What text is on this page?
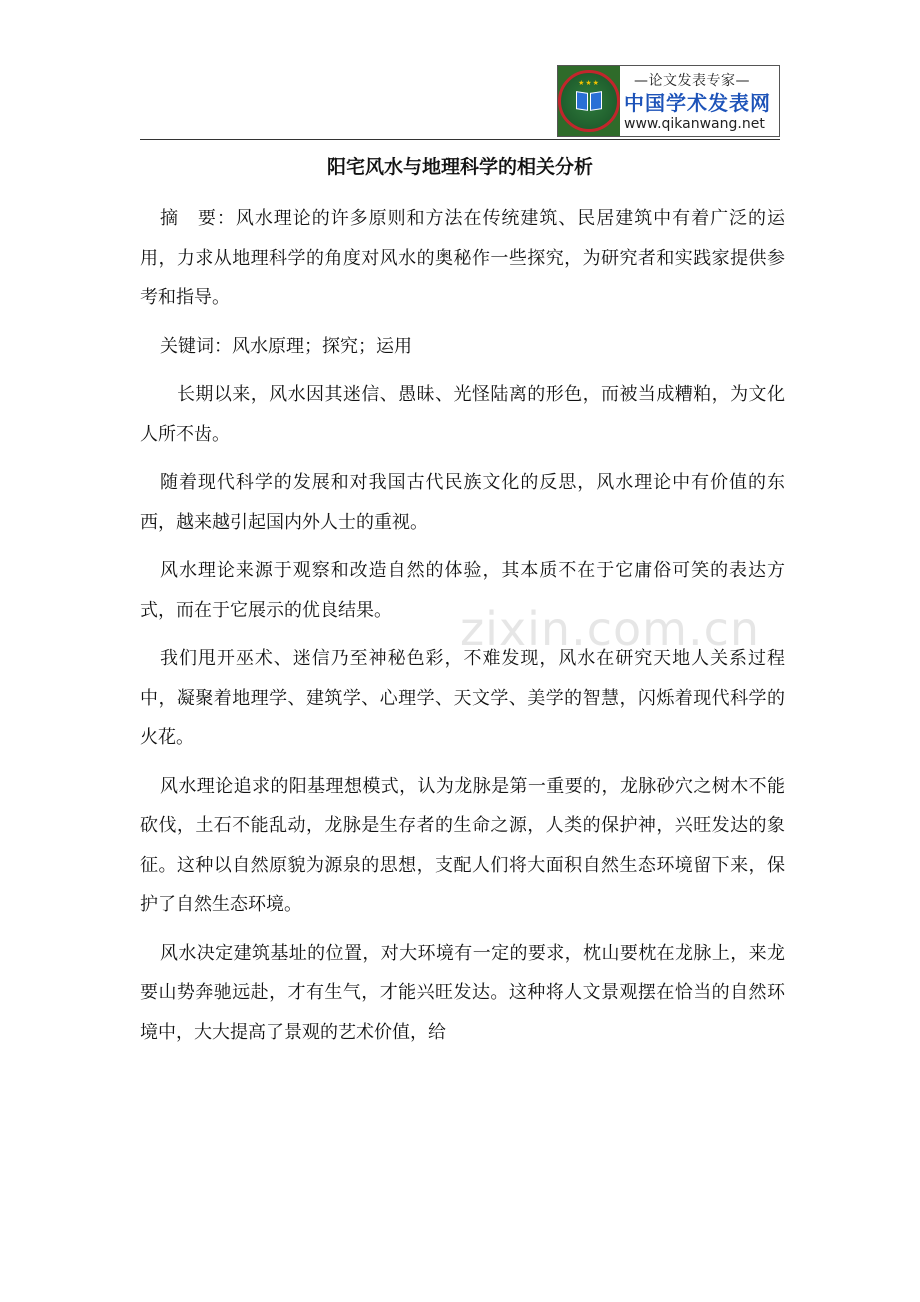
★★★	—论文发表专家—
中国学术发表网
www.qikanwang.net
阳宅风水与地理科学的相关分析

摘　要：风水理论的许多原则和方法在传统建筑、民居建筑中有着广泛的运用，力求从地理科学的角度对风水的奥秘作一些探究，为研究者和实践家提供参考和指导。

关键词：风水原理；探究；运用

长期以来，风水因其迷信、愚昧、光怪陆离的形色，而被当成糟粕，为文化人所不齿。

随着现代科学的发展和对我国古代民族文化的反思，风水理论中有价值的东西，越来越引起国内外人士的重视。

风水理论来源于观察和改造自然的体验，其本质不在于它庸俗可笑的表达方式，而在于它展示的优良结果。

我们甩开巫术、迷信乃至神秘色彩，不难发现，风水在研究天地人关系过程中，凝聚着地理学、建筑学、心理学、天文学、美学的智慧，闪烁着现代科学的火花。

风水理论追求的阳基理想模式，认为龙脉是第一重要的，龙脉砂穴之树木不能砍伐，土石不能乱动，龙脉是生存者的生命之源，人类的保护神，兴旺发达的象征。这种以自然原貌为源泉的思想，支配人们将大面积自然生态环境留下来，保护了自然生态环境。

风水决定建筑基址的位置，对大环境有一定的要求，枕山要枕在龙脉上，来龙要山势奔驰远赴，才有生气，才能兴旺发达。这种将人文景观摆在恰当的自然环境中，大大提高了景观的艺术价值，给

zixin.com.cn
